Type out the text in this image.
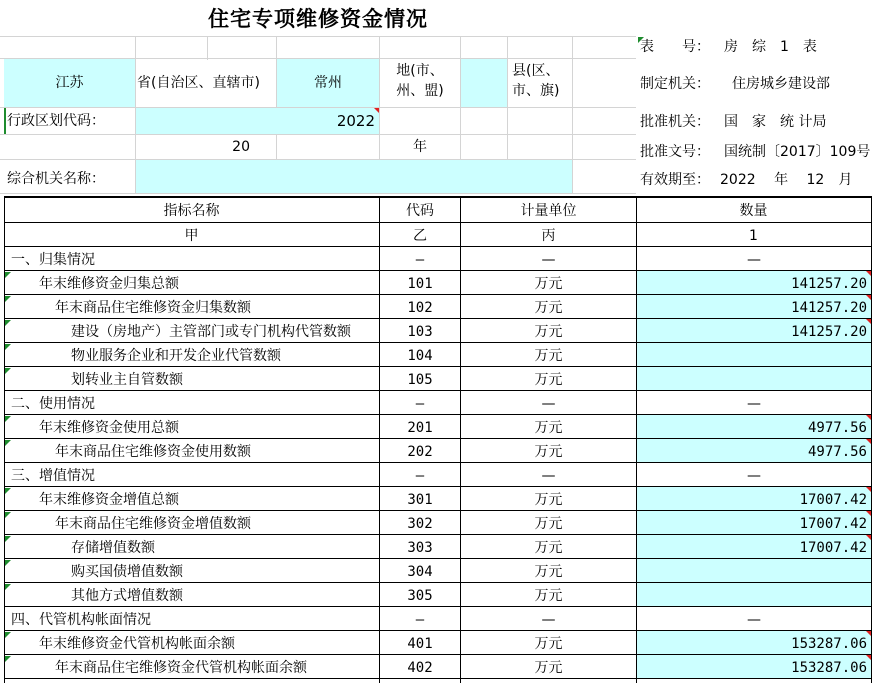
住宅专项维修资金情况
江苏	省(自治区、直辖市)	常州
地(市、
州、盟)
县(区、
市、旗)
行政区划代码：	2022
20	年
综合机关名称：
表　　号：	房　综　1　表
制定机关：	住房城乡建设部
批准机关：	国　家　统 计局
批准文号：	国统制〔2017〕109号
有效期至： 2022　 年　 12　月
指标名称	代码	计量单位	数量
甲	乙	丙	1
一、归集情况	—	—	—
年末维修资金归集总额	101	万元	141257.20
年末商品住宅维修资金归集数额	102	万元	141257.20
建设（房地产）主管部门或专门机构代管数额	103	万元	141257.20
物业服务企业和开发企业代管数额	104	万元
划转业主自管数额	105	万元
二、使用情况	—	—	—
年末维修资金使用总额	201	万元	4977.56
年末商品住宅维修资金使用数额	202	万元	4977.56
三、增值情况	—	—	—
年末维修资金增值总额	301	万元	17007.42
年末商品住宅维修资金增值数额	302	万元	17007.42
存储增值数额	303	万元	17007.42
购买国债增值数额	304	万元
其他方式增值数额	305	万元
四、代管机构帐面情况	—	—	—
年末维修资金代管机构帐面余额	401	万元	153287.06
年末商品住宅维修资金代管机构帐面余额	402	万元	153287.06
